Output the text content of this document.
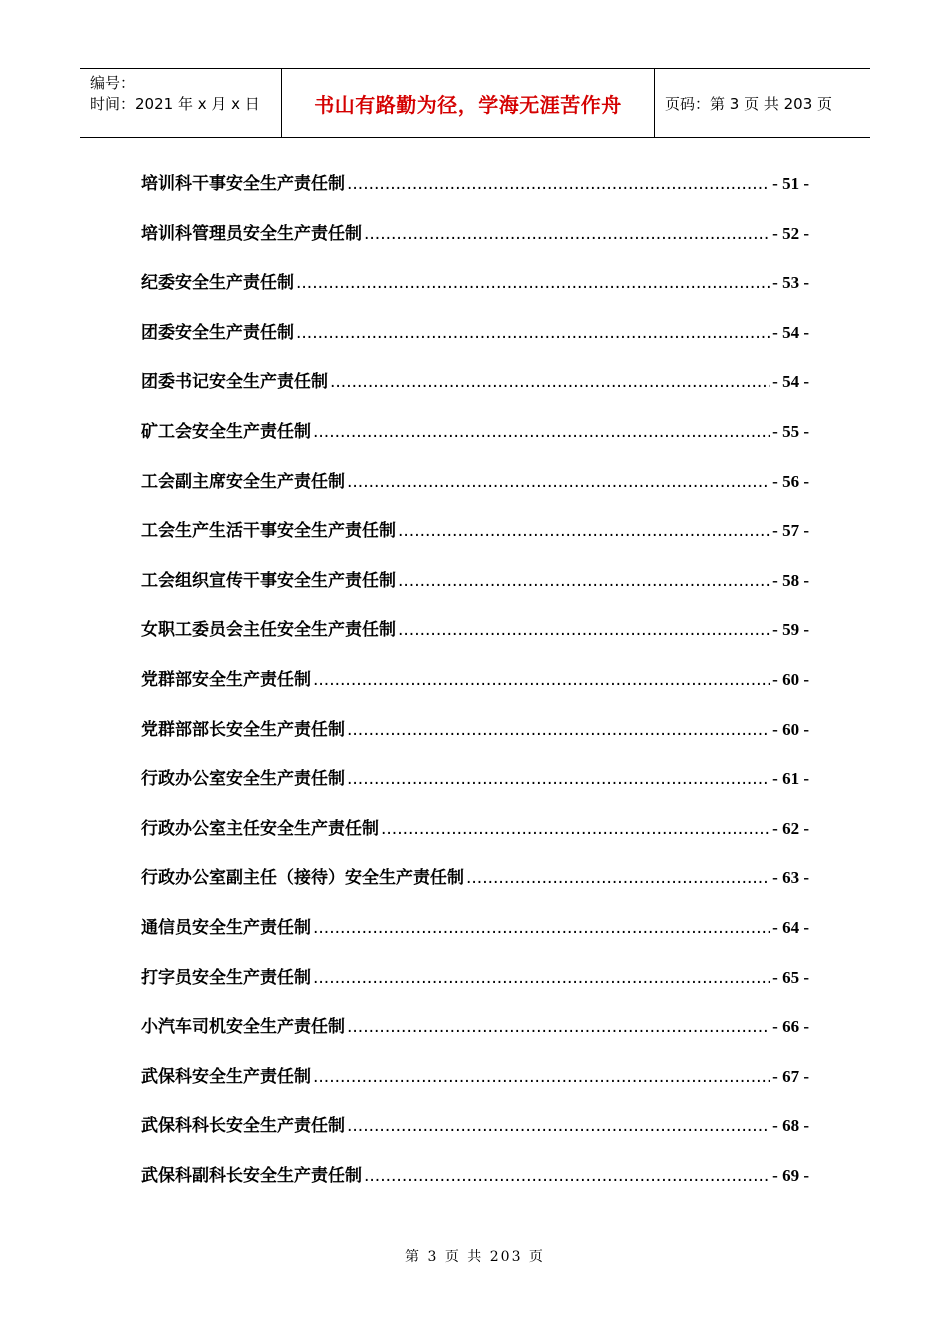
编号：
时间：2021 年 x 月 x 日	书山有路勤为径，学海无涯苦作舟	页码：第 3 页 共 203 页
培训科干事安全生产责任制 .....	- 51 -
培训科管理员安全生产责任制 .....	- 52 -
纪委安全生产责任制 .....	- 53 -
团委安全生产责任制 .....	- 54 -
团委书记安全生产责任制 .....	- 54 -
矿工会安全生产责任制 .....	- 55 -
工会副主席安全生产责任制 .....	- 56 -
工会生产生活干事安全生产责任制 .....	- 57 -
工会组织宣传干事安全生产责任制 .....	- 58 -
女职工委员会主任安全生产责任制 .....	- 59 -
党群部安全生产责任制 .....	- 60 -
党群部部长安全生产责任制 .....	- 60 -
行政办公室安全生产责任制 .....	- 61 -
行政办公室主任安全生产责任制 .....	- 62 -
行政办公室副主任（接待）安全生产责任制 .....	- 63 -
通信员安全生产责任制 .....	- 64 -
打字员安全生产责任制 .....	- 65 -
小汽车司机安全生产责任制 .....	- 66 -
武保科安全生产责任制 .....	- 67 -
武保科科长安全生产责任制 .....	- 68 -
武保科副科长安全生产责任制 .....	- 69 -
第 3 页 共 203 页
